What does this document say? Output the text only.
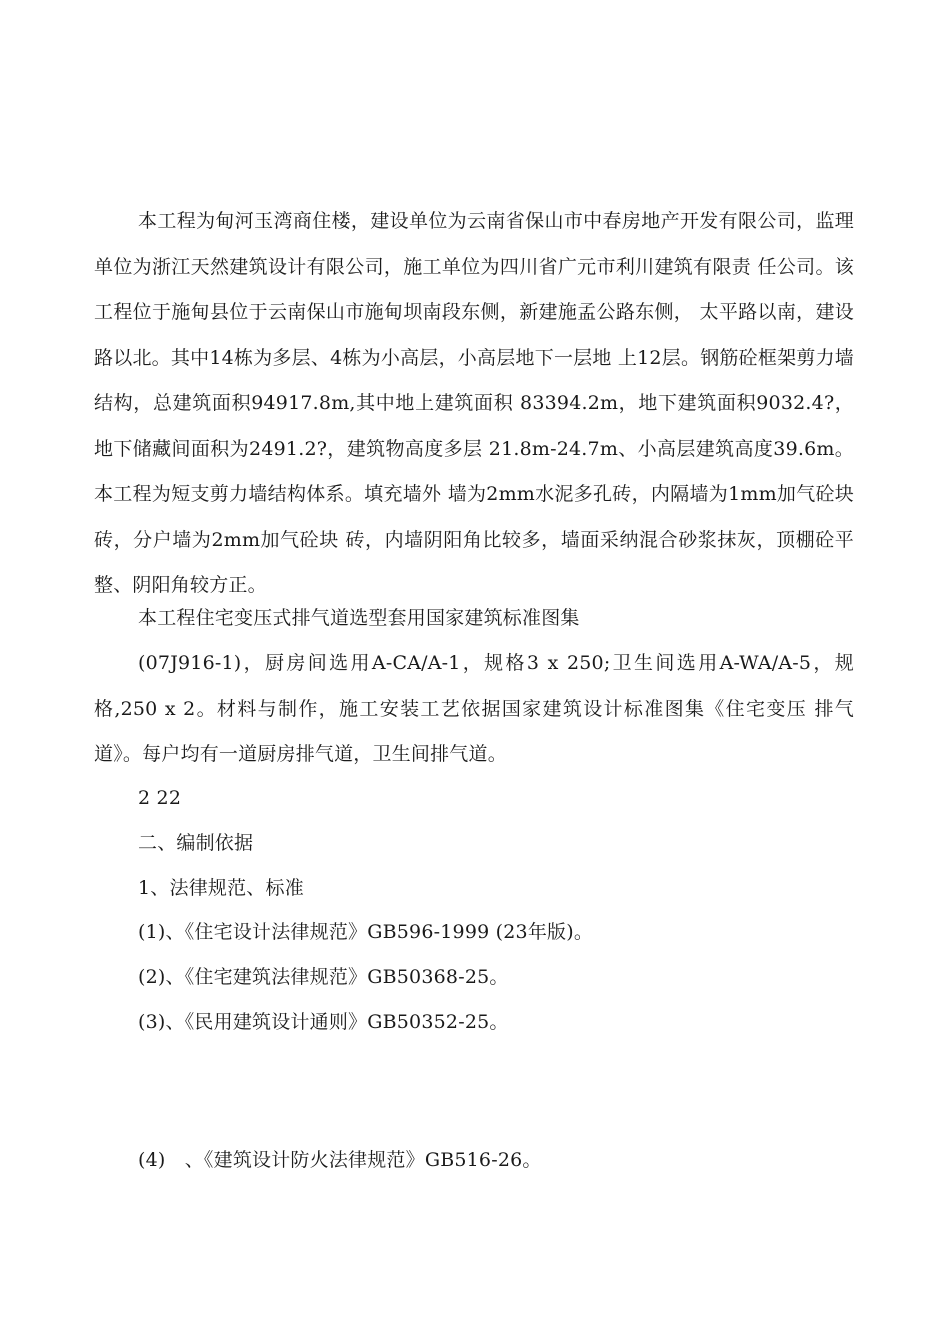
本工程为甸河玉湾商住楼，建设单位为云南省保山市中春房地产开发有限公司，监理单位为浙江天然建筑设计有限公司，施工单位为四川省广元市利川建筑有限责 任公司。该工程位于施甸县位于云南保山市施甸坝南段东侧，新建施孟公路东侧， 太平路以南，建设路以北。其中14栋为多层、4栋为小高层，小高层地下一层地 上12层。钢筋砼框架剪力墙结构，总建筑面积94917.8m,其中地上建筑面积 83394.2m，地下建筑面积9032.4?，地下储藏间面积为2491.2?，建筑物高度多层 21.8m-24.7m、小高层建筑高度39.6m。本工程为短支剪力墙结构体系。填充墙外 墙为2mm水泥多孔砖，内隔墙为1mm加气砼块砖，分户墙为2mm加气砼块 砖，内墙阴阳角比较多，墙面采纳混合砂浆抹灰，顶棚砼平整、阴阳角较方正。

本工程住宅变压式排气道选型套用国家建筑标准图集

(07J916-1)，厨房间选用A-CA/A-1，规格3 x 250;卫生间选用A-WA/A-5，规格,250 x 2。材料与制作，施工安装工艺依据国家建筑设计标准图集《住宅变压 排气道》。每户均有一道厨房排气道，卫生间排气道。

2 22

二、编制依据

1、法律规范、标准

(1)、《住宅设计法律规范》GB596-1999 (23年版)。

(2)、《住宅建筑法律规范》GB50368-25。

(3)、《民用建筑设计通则》GB50352-25。

(4)　、《建筑设计防火法律规范》GB516-26。
